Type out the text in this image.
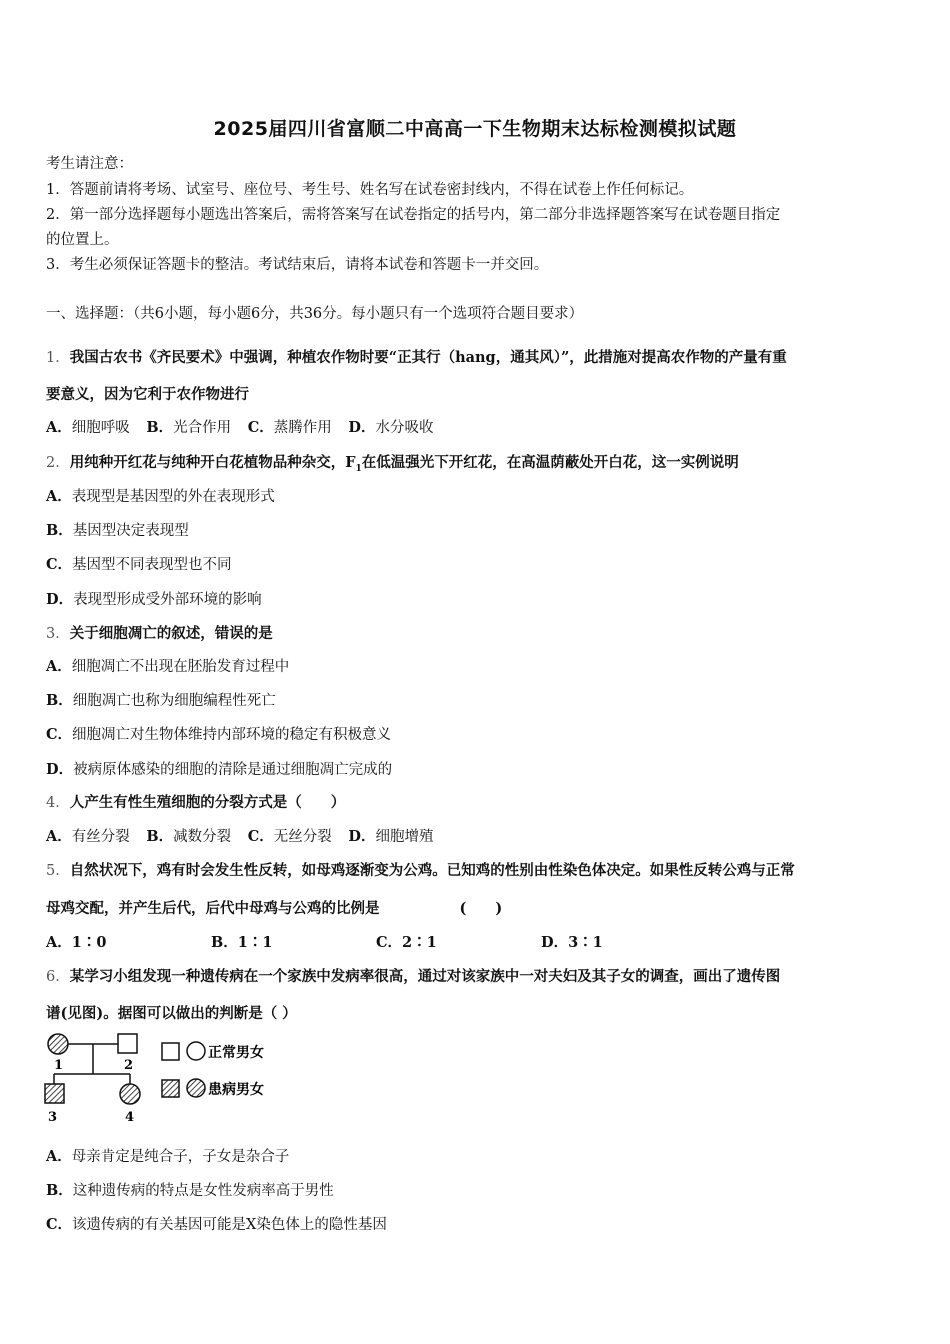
2025届四川省富顺二中高高一下生物期末达标检测模拟试题
考生请注意：
1．答题前请将考场、试室号、座位号、考生号、姓名写在试卷密封线内，不得在试卷上作任何标记。
2．第一部分选择题每小题选出答案后，需将答案写在试卷指定的括号内，第二部分非选择题答案写在试卷题目指定
的位置上。
3．考生必须保证答题卡的整洁。考试结束后，请将本试卷和答题卡一并交回。
一、选择题：（共6小题，每小题6分，共36分。每小题只有一个选项符合题目要求）
1．我国古农书《齐民要术》中强调，种植农作物时要“正其行（hang，通其风）”，此措施对提高农作物的产量有重
要意义，因为它利于农作物进行
A．细胞呼吸 B．光合作用 C．蒸腾作用 D．水分吸收
2．用纯种开红花与纯种开白花植物品种杂交，$F_1$在低温强光下开红花，在高温荫蔽处开白花，这一实例说明
A．表现型是基因型的外在表现形式
B．基因型决定表现型
C．基因型不同表现型也不同
D．表现型形成受外部环境的影响
3．关于细胞凋亡的叙述，错误的是
A．细胞凋亡不出现在胚胎发育过程中
B．细胞凋亡也称为细胞编程性死亡
C．细胞凋亡对生物体维持内部环境的稳定有积极意义
D．被病原体感染的细胞的清除是通过细胞凋亡完成的
4．人产生有性生殖细胞的分裂方式是（　　）
A．有丝分裂 B．减数分裂 C．无丝分裂 D．细胞增殖
5．自然状况下，鸡有时会发生性反转，如母鸡逐渐变为公鸡。已知鸡的性别由性染色体决定。如果性反转公鸡与正常
母鸡交配，并产生后代，后代中母鸡与公鸡的比例是	(　　)
A．1∶0	B．1∶1	C．2∶1	D．3∶1
6．某学习小组发现一种遗传病在一个家族中发病率很高，通过对该家族中一对夫妇及其子女的调查，画出了遗传图
谱(见图)。据图可以做出的判断是（ ）
1	2
3	4
正常男女
患病男女
A．母亲肯定是纯合子，子女是杂合子
B．这种遗传病的特点是女性发病率高于男性
C．该遗传病的有关基因可能是X染色体上的隐性基因
